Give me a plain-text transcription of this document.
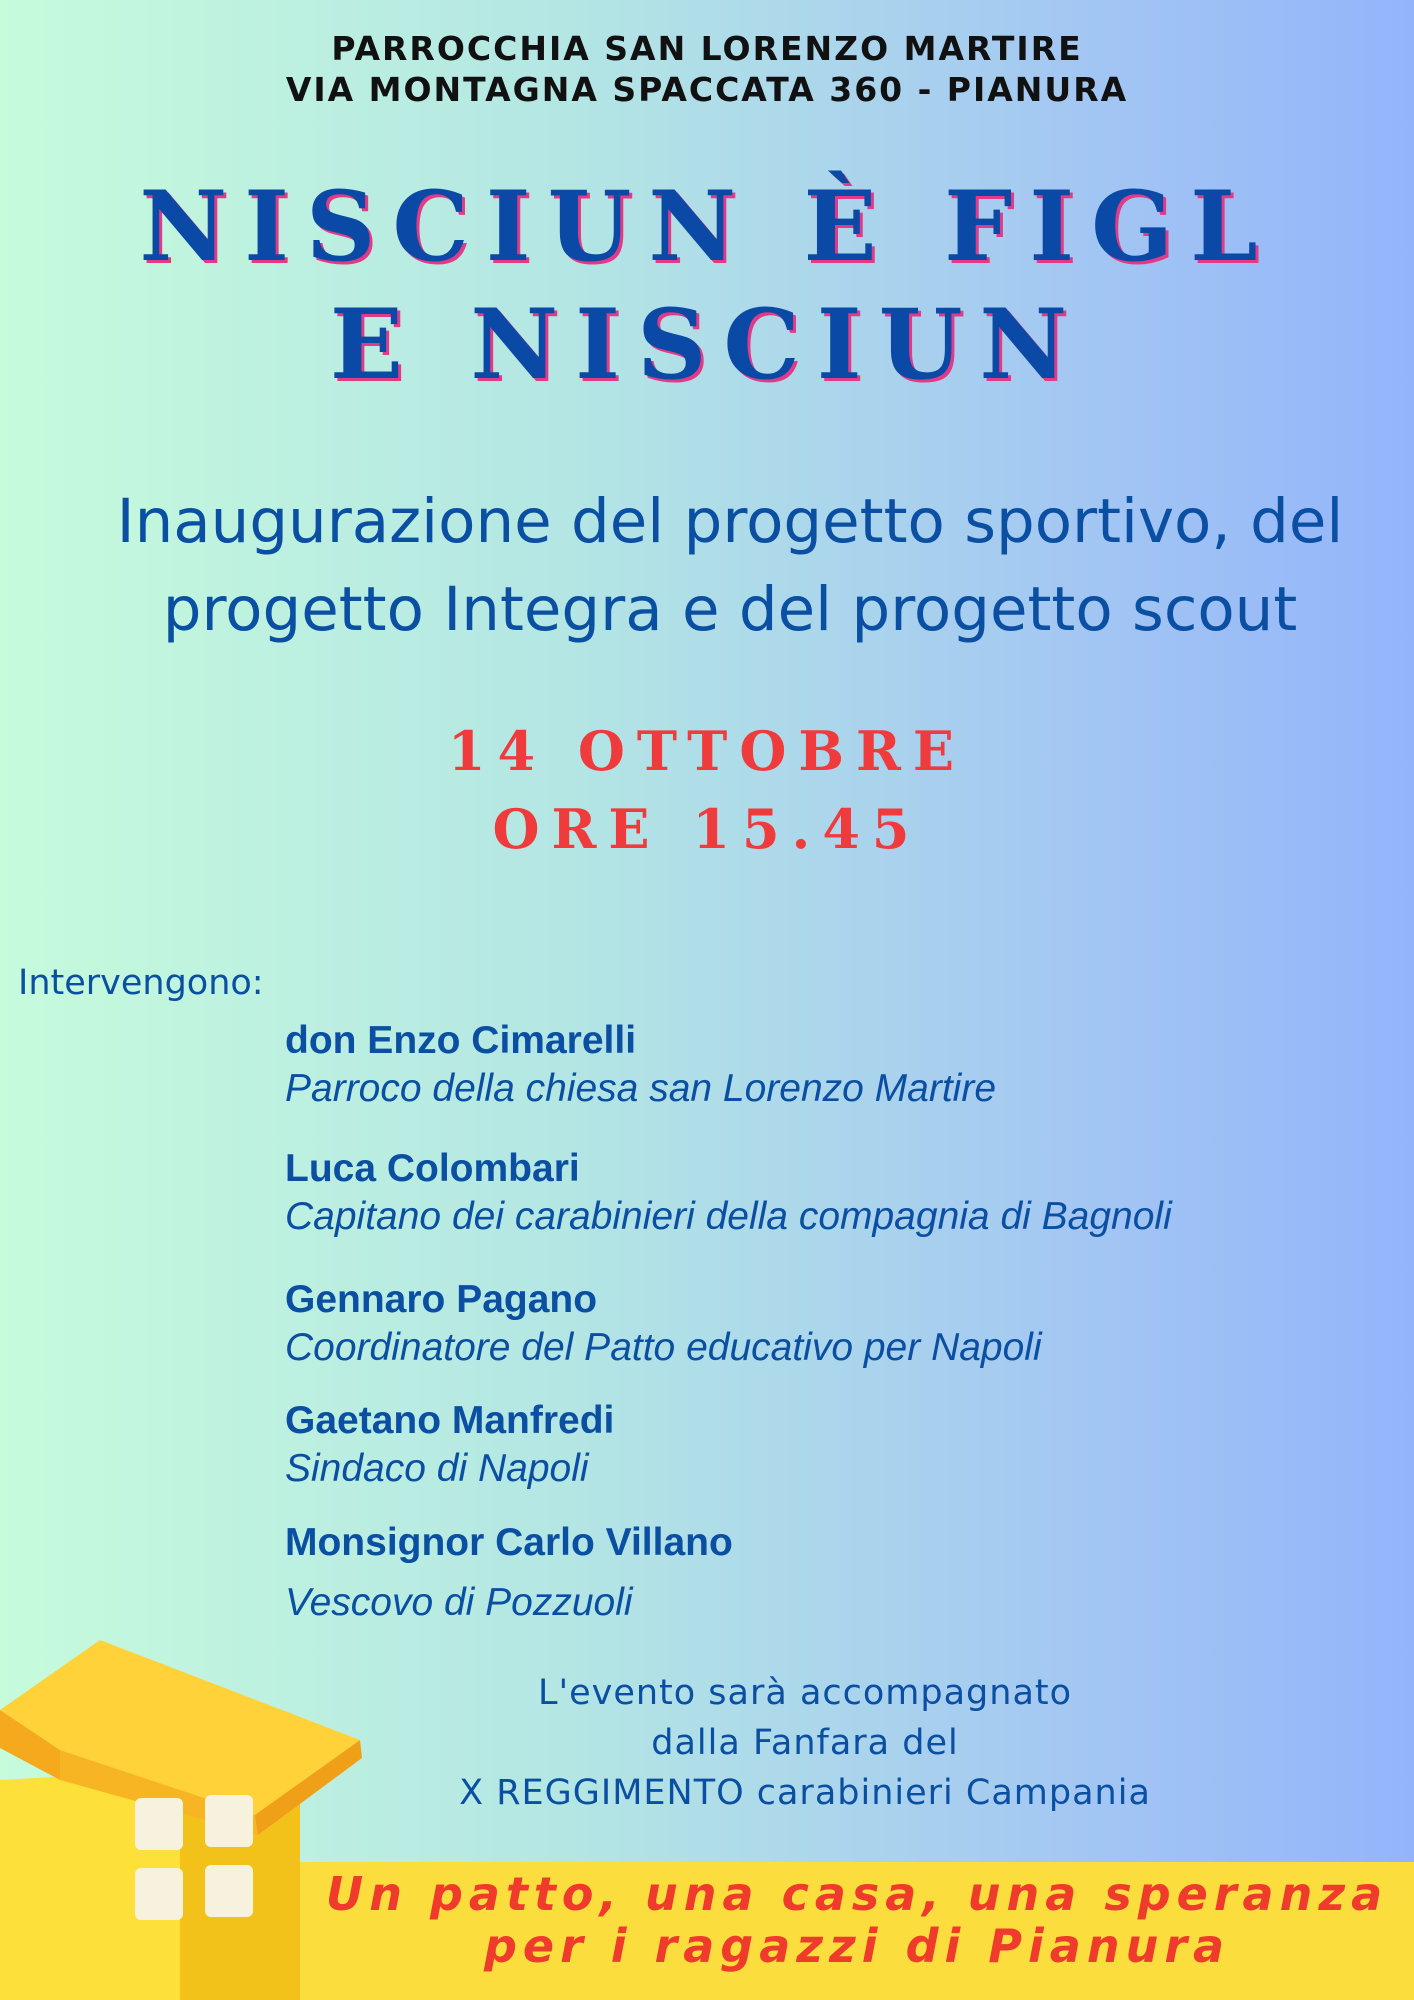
PARROCCHIA SAN LORENZO MARTIRE
VIA MONTAGNA SPACCATA 360 - PIANURA
NISCIUN È FIGL
E NISCIUN
Inaugurazione del progetto sportivo, del
progetto Integra e del progetto scout
14 OTTOBRE
ORE 15.45
Intervengono:
don Enzo Cimarelli
Parroco della chiesa san Lorenzo Martire
Luca Colombari
Capitano dei carabinieri della compagnia di Bagnoli
Gennaro Pagano
Coordinatore del Patto educativo per Napoli
Gaetano Manfredi
Sindaco di Napoli
Monsignor Carlo Villano
Vescovo di Pozzuoli
L'evento sarà accompagnato
dalla Fanfara del
X REGGIMENTO carabinieri Campania
Un patto, una casa, una speranza
per i ragazzi di Pianura
